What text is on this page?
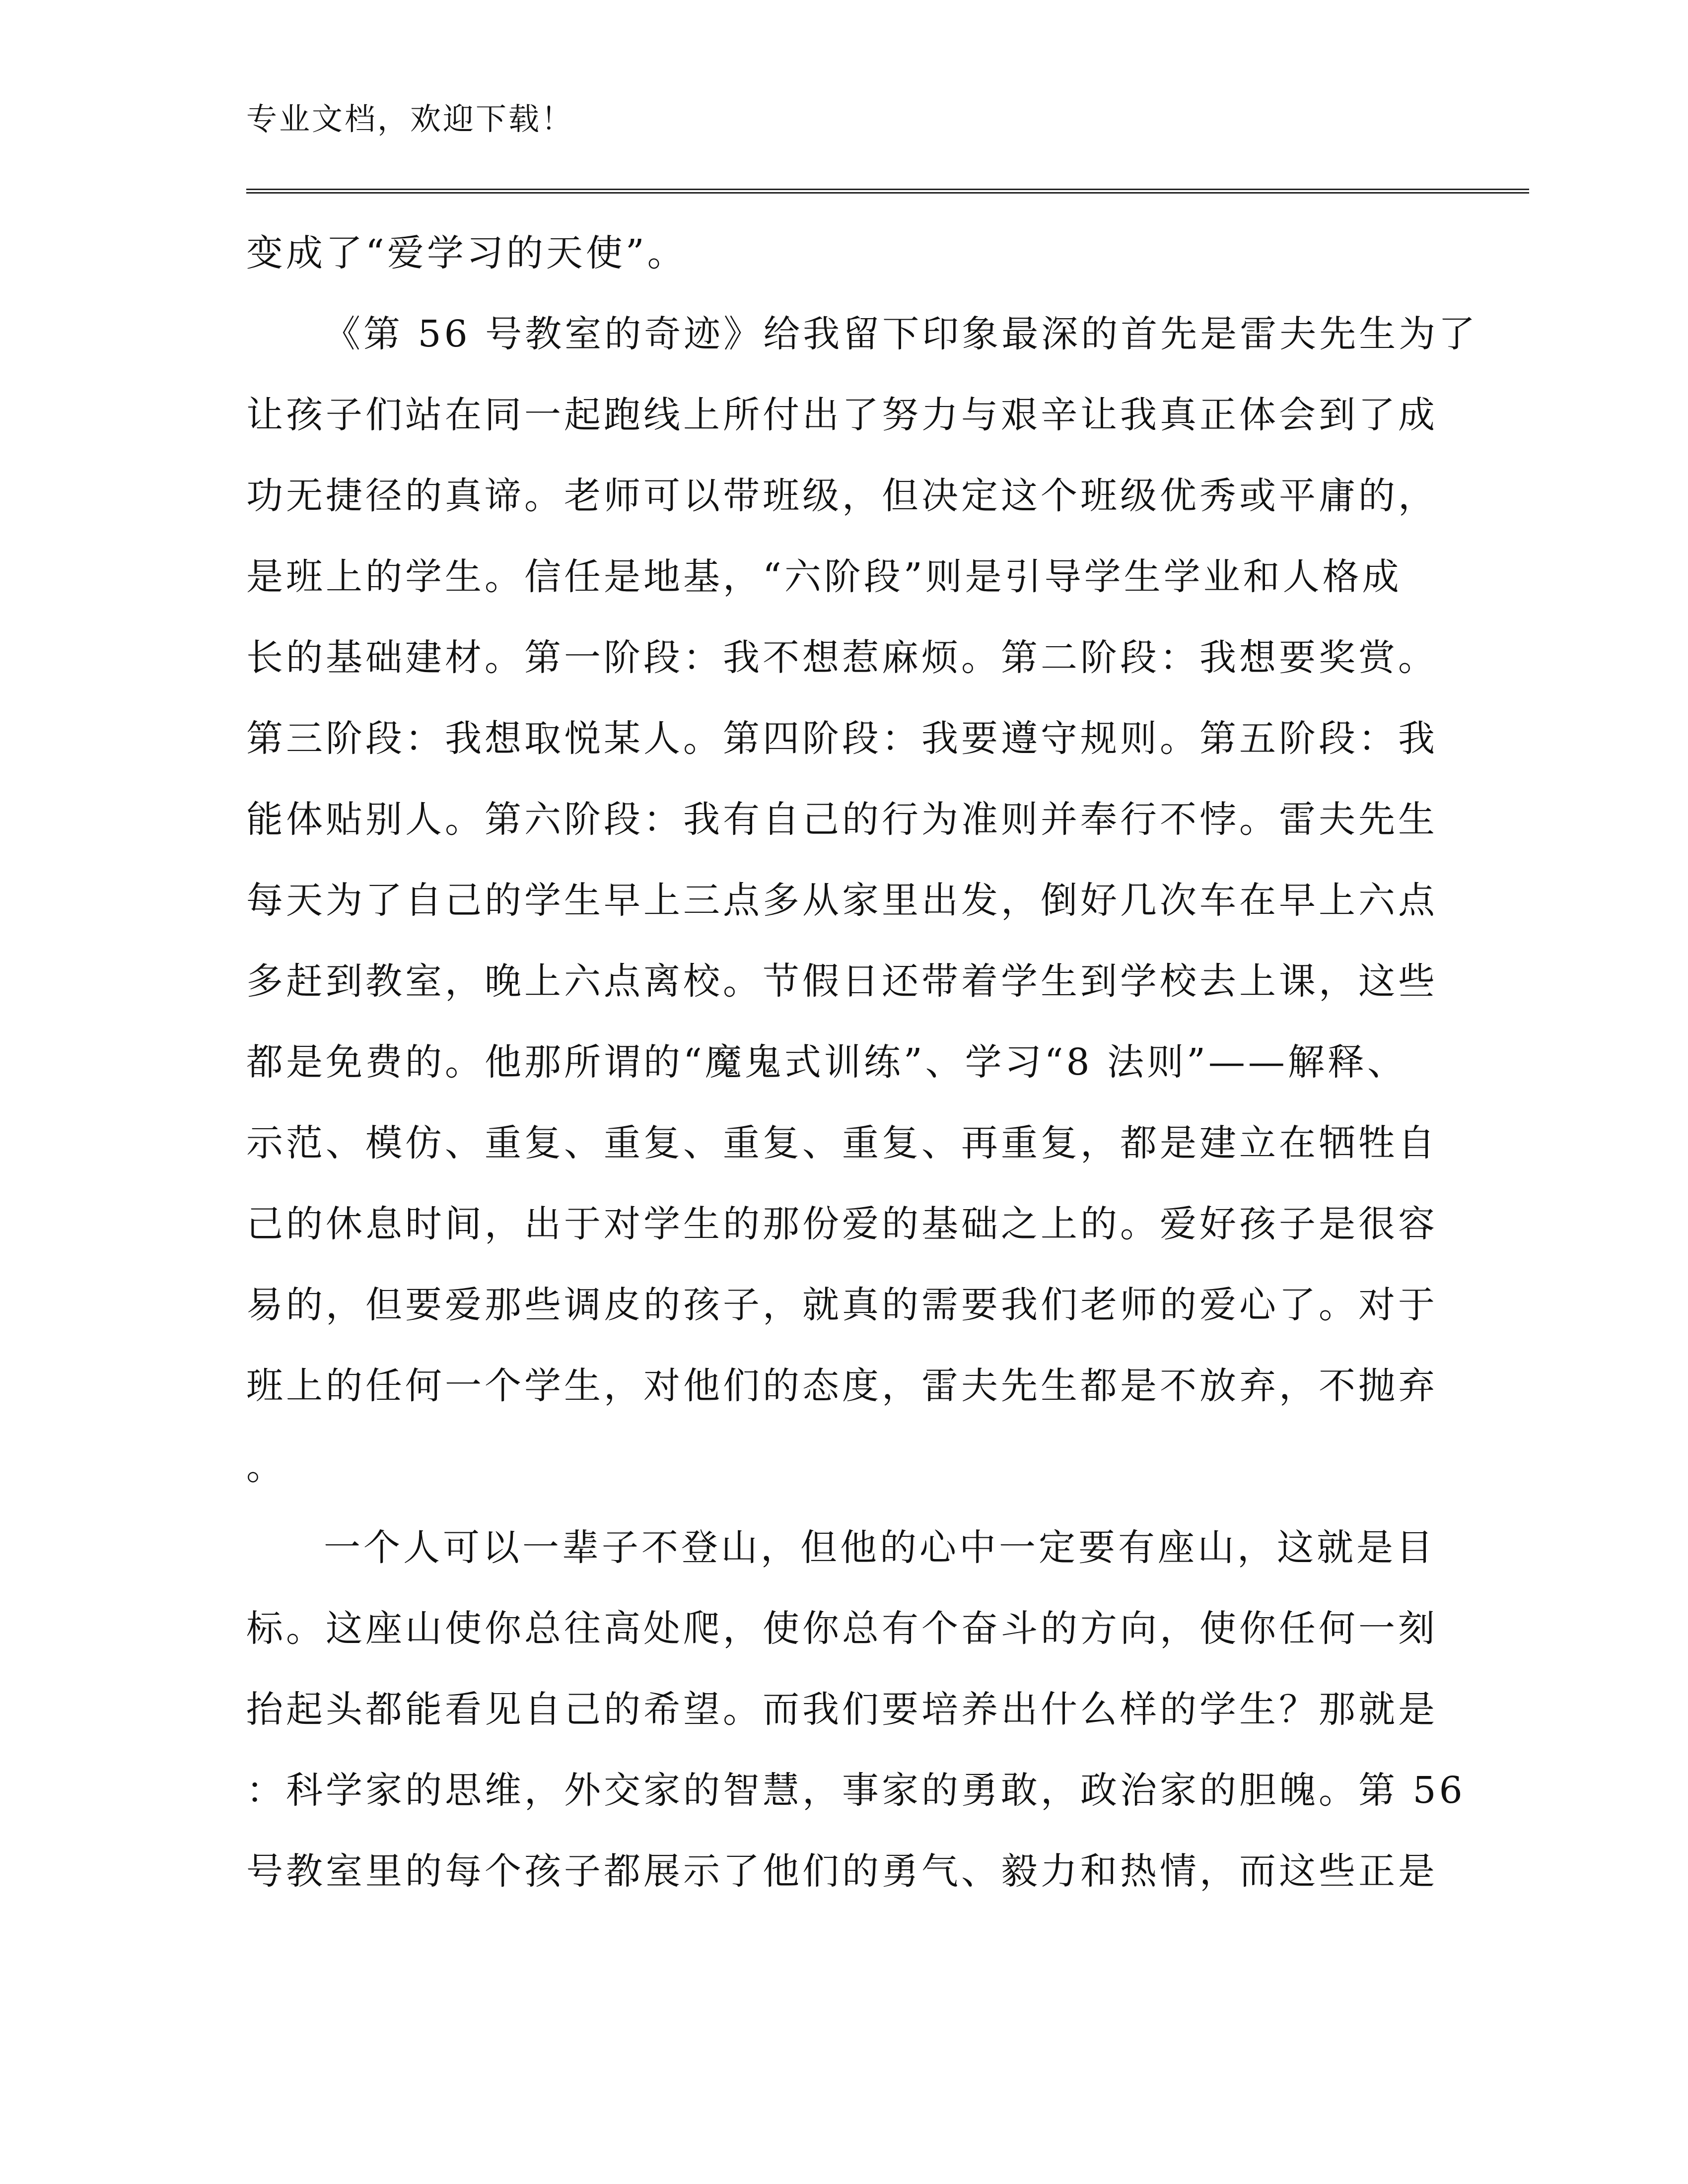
专业文档，欢迎下载！
变成了“爱学习的天使”。
《第 56 号教室的奇迹》给我留下印象最深的首先是雷夫先生为了
让孩子们站在同一起跑线上所付出了努力与艰辛让我真正体会到了成
功无捷径的真谛。老师可以带班级，但决定这个班级优秀或平庸的，
是班上的学生。信任是地基，“六阶段”则是引导学生学业和人格成
长的基础建材。第一阶段：我不想惹麻烦。第二阶段：我想要奖赏。
第三阶段：我想取悦某人。第四阶段：我要遵守规则。第五阶段：我
能体贴别人。第六阶段：我有自己的行为准则并奉行不悖。雷夫先生
每天为了自己的学生早上三点多从家里出发，倒好几次车在早上六点
多赶到教室，晚上六点离校。节假日还带着学生到学校去上课，这些
都是免费的。他那所谓的“魔鬼式训练”、学习“8 法则”——解释、
示范、模仿、重复、重复、重复、重复、再重复，都是建立在牺牲自
己的休息时间，出于对学生的那份爱的基础之上的。爱好孩子是很容
易的，但要爱那些调皮的孩子，就真的需要我们老师的爱心了。对于
班上的任何一个学生，对他们的态度，雷夫先生都是不放弃，不抛弃
。
一个人可以一辈子不登山，但他的心中一定要有座山，这就是目
标。这座山使你总往高处爬，使你总有个奋斗的方向，使你任何一刻
抬起头都能看见自己的希望。而我们要培养出什么样的学生？那就是
：科学家的思维，外交家的智慧，事家的勇敢，政治家的胆魄。第 56
号教室里的每个孩子都展示了他们的勇气、毅力和热情，而这些正是
